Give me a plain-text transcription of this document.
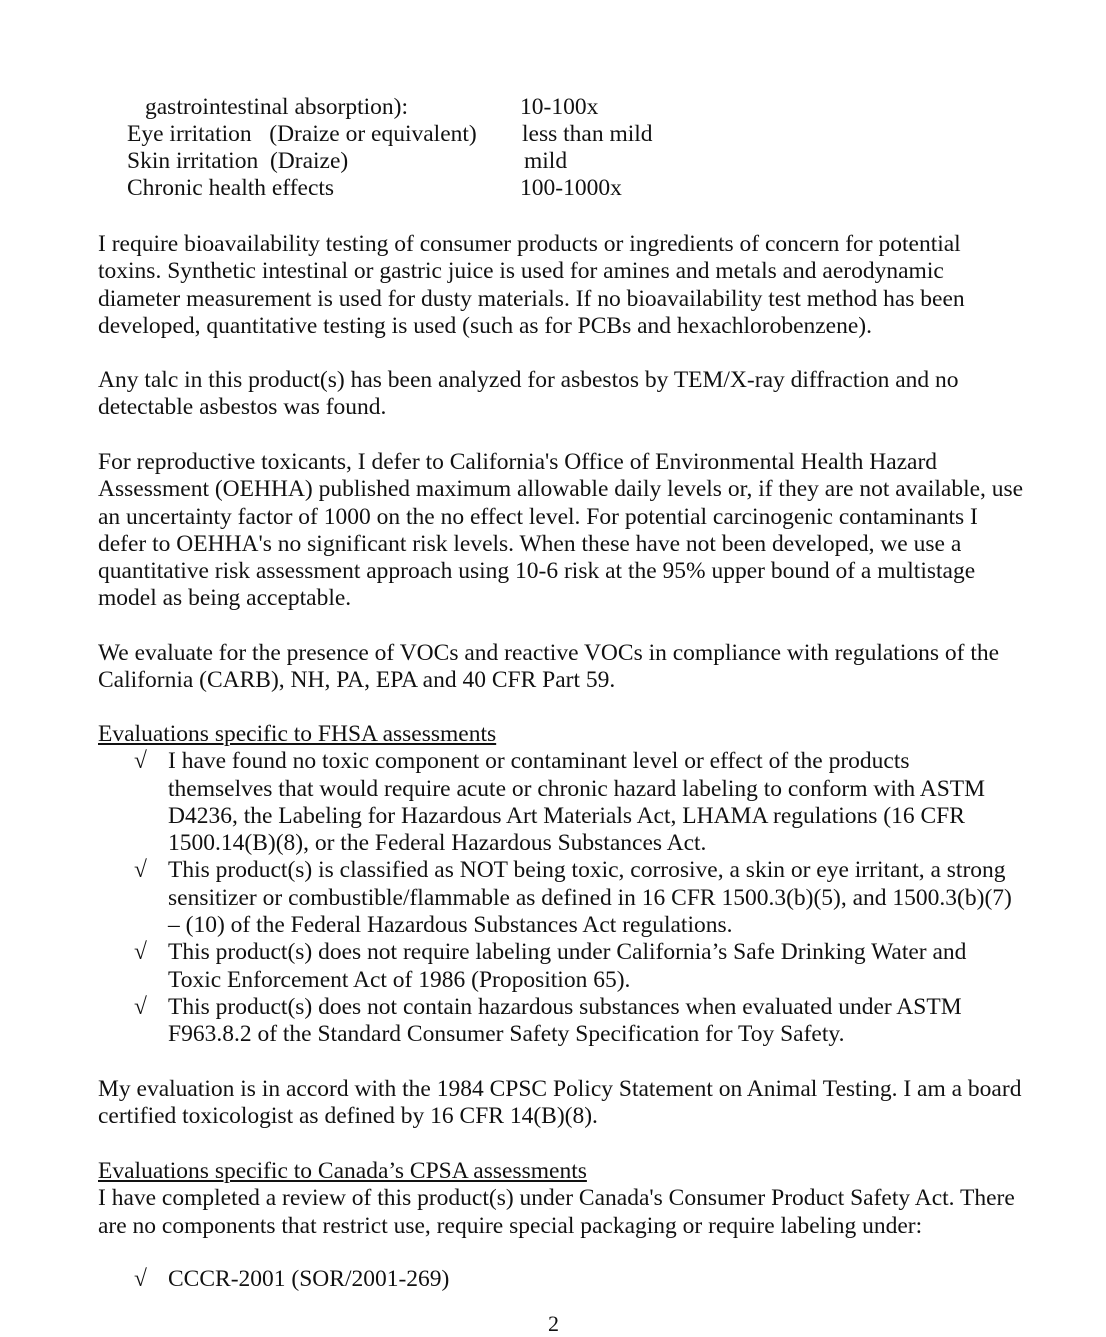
gastrointestinal absorption):	10-100x
Eye irritation   (Draize or equivalent) less than mild
Skin irritation  (Draize)	mild
Chronic health effects	100-1000x

I require bioavailability testing of consumer products or ingredients of concern for potential toxins. Synthetic intestinal or gastric juice is used for amines and metals and aerodynamic diameter measurement is used for dusty materials. If no bioavailability test method has been developed, quantitative testing is used (such as for PCBs and hexachlorobenzene).

Any talc in this product(s) has been analyzed for asbestos by TEM/X-ray diffraction and no detectable asbestos was found.

For reproductive toxicants, I defer to California's Office of Environmental Health Hazard Assessment (OEHHA) published maximum allowable daily levels or, if they are not available, use an uncertainty factor of 1000 on the no effect level. For potential carcinogenic contaminants I defer to OEHHA's no significant risk levels. When these have not been developed, we use a quantitative risk assessment approach using 10-6 risk at the 95% upper bound of a multistage model as being acceptable.

We evaluate for the presence of VOCs and reactive VOCs in compliance with regulations of the California (CARB), NH, PA, EPA and 40 CFR Part 59.

Evaluations specific to FHSA assessments

√ I have found no toxic component or contaminant level or effect of the products themselves that would require acute or chronic hazard labeling to conform with ASTM D4236, the Labeling for Hazardous Art Materials Act, LHAMA regulations (16 CFR 1500.14(B)(8), or the Federal Hazardous Substances Act.

√ This product(s) is classified as NOT being toxic, corrosive, a skin or eye irritant, a strong sensitizer or combustible/flammable as defined in 16 CFR 1500.3(b)(5), and 1500.3(b)(7) – (10) of the Federal Hazardous Substances Act regulations.

√ This product(s) does not require labeling under California’s Safe Drinking Water and Toxic Enforcement Act of 1986 (Proposition 65).

√ This product(s) does not contain hazardous substances when evaluated under ASTM F963.8.2 of the Standard Consumer Safety Specification for Toy Safety.

My evaluation is in accord with the 1984 CPSC Policy Statement on Animal Testing. I am a board certified toxicologist as defined by 16 CFR 14(B)(8).

Evaluations specific to Canada’s CPSA assessments

I have completed a review of this product(s) under Canada's Consumer Product Safety Act. There are no components that restrict use, require special packaging or require labeling under:

√ CCCR-2001 (SOR/2001-269)

2
